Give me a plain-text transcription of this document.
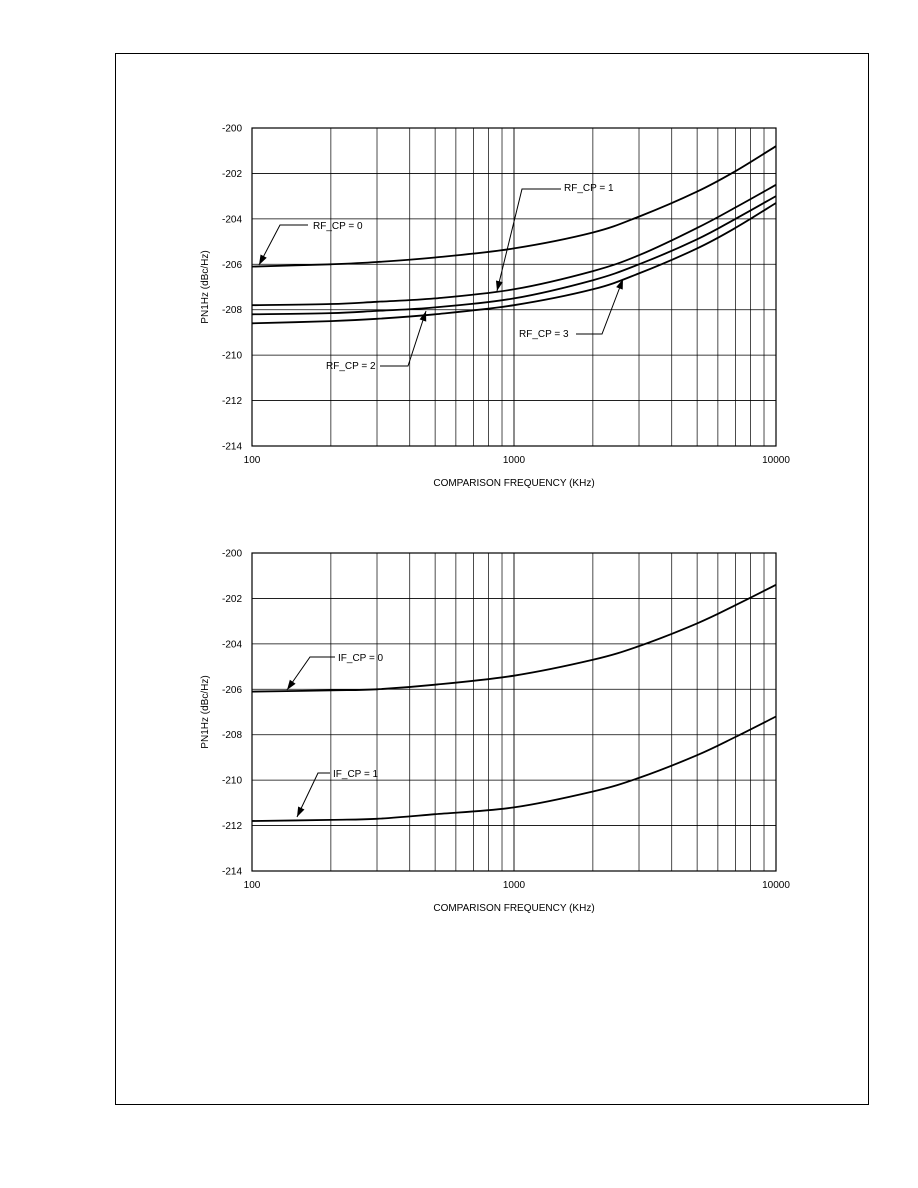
-200
-202
-204
-206
-208
-210
-212
-214
100	1000	10000
COMPARISON FREQUENCY (KHz)
PN1Hz (dBc/Hz)
RF_CP = 0
RF_CP = 1
RF_CP = 2
RF_CP = 3
-200
-202
-204
-206
-208
-210
-212
-214
100	1000	10000
COMPARISON FREQUENCY (KHz)
PN1Hz (dBc/Hz)
IF_CP = 0
IF_CP = 1
